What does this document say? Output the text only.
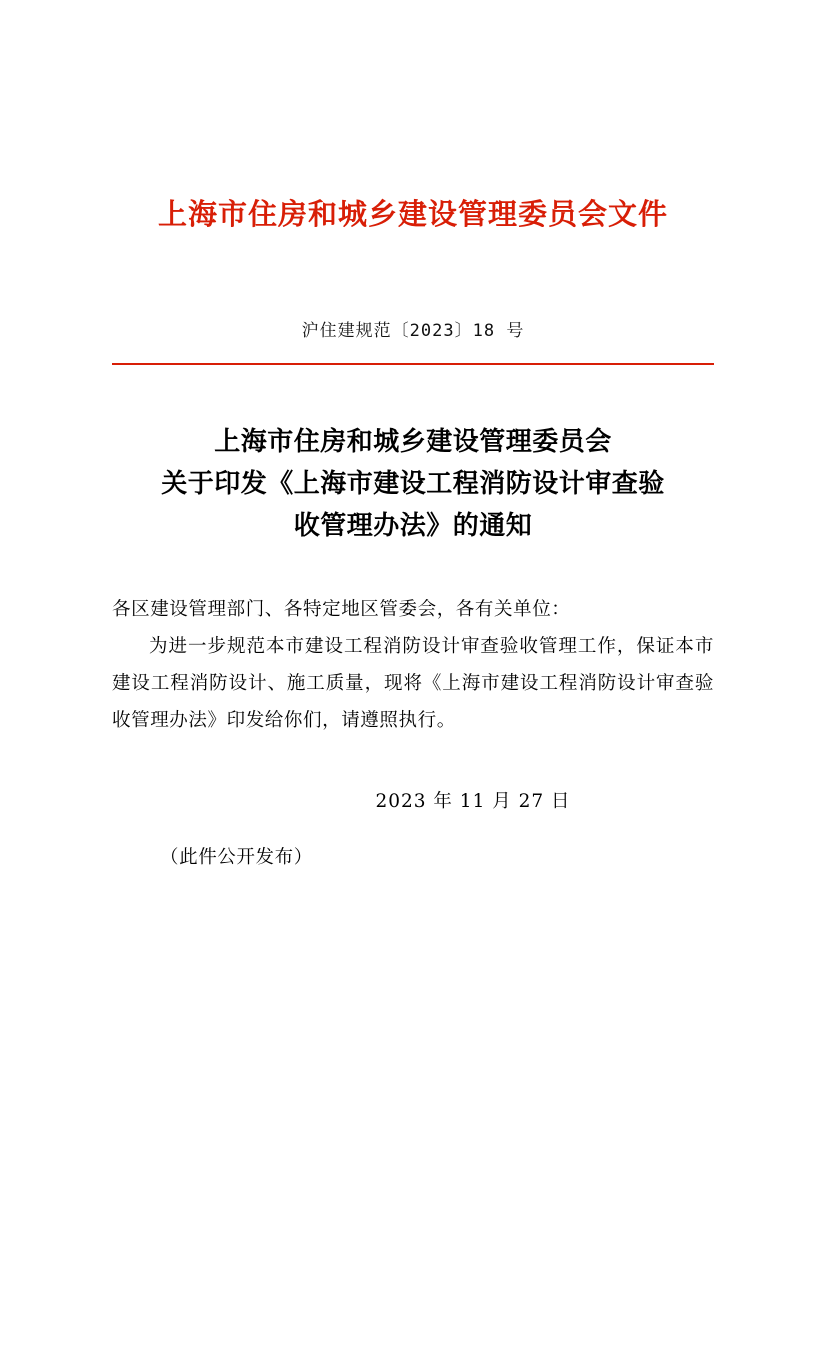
上海市住房和城乡建设管理委员会文件
沪住建规范〔2023〕18 号
上海市住房和城乡建设管理委员会
关于印发《上海市建设工程消防设计审查验
收管理办法》的通知

各区建设管理部门、各特定地区管委会，各有关单位：

为进一步规范本市建设工程消防设计审查验收管理工作，保证本市建设工程消防设计、施工质量，现将《上海市建设工程消防设计审查验收管理办法》印发给你们，请遵照执行。

2023 年 11 月 27 日
（此件公开发布）
